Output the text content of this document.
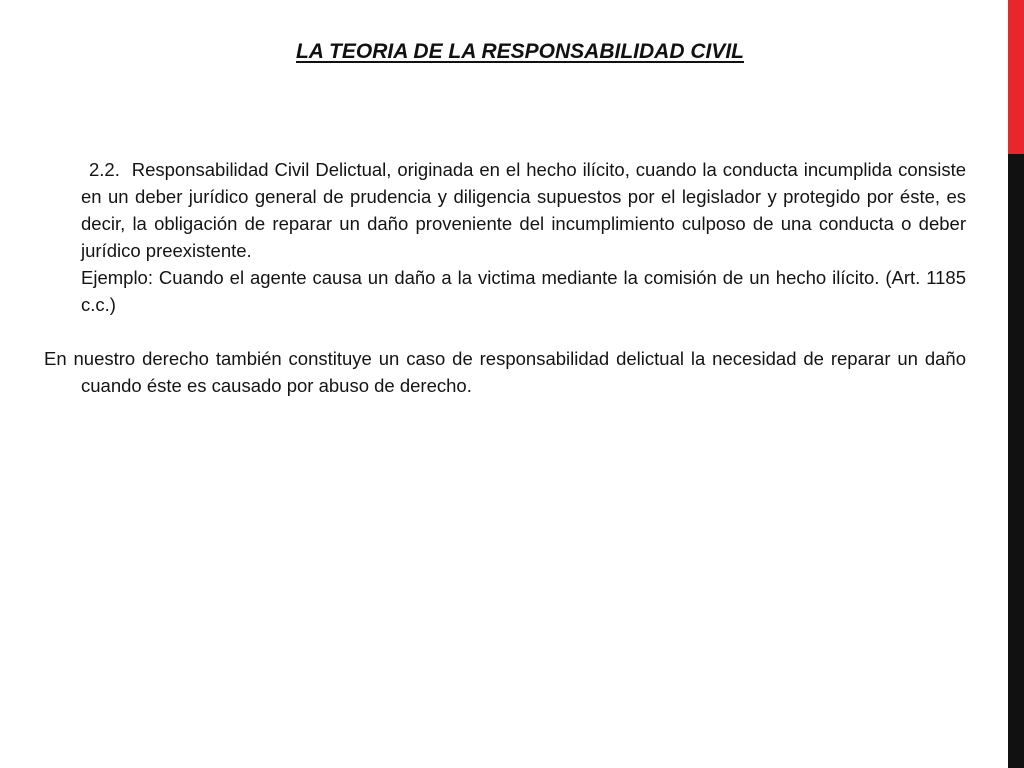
LA TEORIA DE LA RESPONSABILIDAD CIVIL

2.2. Responsabilidad Civil Delictual, originada en el hecho ilícito, cuando la conducta incumplida consiste en un deber jurídico general de prudencia y diligencia supuestos por el legislador y protegido por éste, es decir, la obligación de reparar un daño proveniente del incumplimiento culposo de una conducta o deber jurídico preexistente.

Ejemplo: Cuando el agente causa un daño a la victima mediante la comisión de un hecho ilícito. (Art. 1185 c.c.)

En nuestro derecho también constituye un caso de responsabilidad delictual la necesidad de reparar un daño cuando éste es causado por abuso de derecho.
